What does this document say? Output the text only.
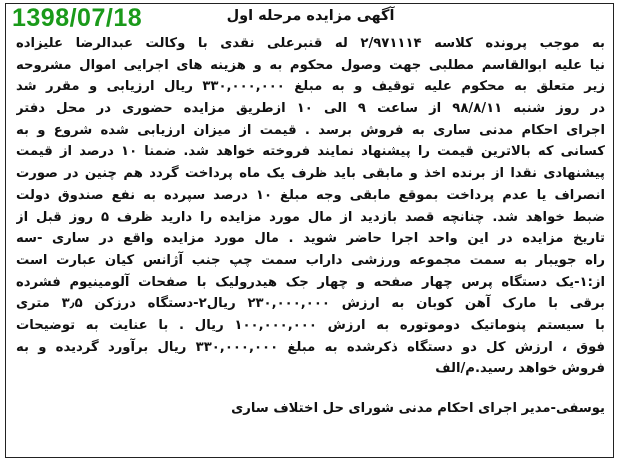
1398/07/18	آگهی مزایده مرحله اول
به موجب پرونده کلاسه ۲/۹۷۱۱۱۴ له قنبرعلی نقدی با وکالت عبدالرضا علیزاده
نیا علیه ابوالقاسم مطلبی جهت وصول محکوم به و هزینه های اجرایی اموال مشروحه
زیر متعلق به محکوم علیه توقیف و به مبلغ ۳۳۰,۰۰۰,۰۰۰ ریال ارزیابی و مقرر شد
در روز شنبه ۹۸/۸/۱۱ از ساعت ۹ الی ۱۰ ازطریق مزایده حضوری در محل دفتر
اجرای احکام مدنی ساری به فروش برسد . قیمت از میزان ارزیابی شده شروع و به
کسانی که بالاترین قیمت را پیشنهاد نمایند فروخته خواهد شد. ضمنا ۱۰ درصد از قیمت
پیشنهادی نقدا از برنده اخذ و مابقی باید ظرف یک ماه پرداخت گردد هم چنین در صورت
انصراف یا عدم پرداخت بموقع مابقی وجه مبلغ ۱۰ درصد سپرده به نفع صندوق دولت
ضبط خواهد شد. چنانچه قصد بازدید از مال مورد مزایده را دارید ظرف ۵ روز قبل از
تاریخ مزایده در این واحد اجرا حاضر شوید . مال مورد مزایده واقع در ساری -سه
راه جویبار به سمت مجموعه ورزشی داراب سمت چپ جنب آژانس کیان عبارت است
از:۱-یک دستگاه پرس چهار صفحه و چهار جک هیدرولیک با صفحات آلومینیوم فشرده
برقی با مارک آهن کوبان به ارزش ۲۳۰,۰۰۰,۰۰۰ ریال۲-دستگاه درزکن ۳٫۵ متری
با سیستم پنوماتیک دوموتوره به ارزش ۱۰۰,۰۰۰,۰۰۰ ریال . با عنایت به توضیحات
فوق ، ارزش کل دو دستگاه ذکرشده به مبلغ ۳۳۰,۰۰۰,۰۰۰ ریال برآورد گردیده و به
فروش خواهد رسید.م/الف
یوسفی-مدیر اجرای احکام مدنی شورای حل اختلاف ساری
